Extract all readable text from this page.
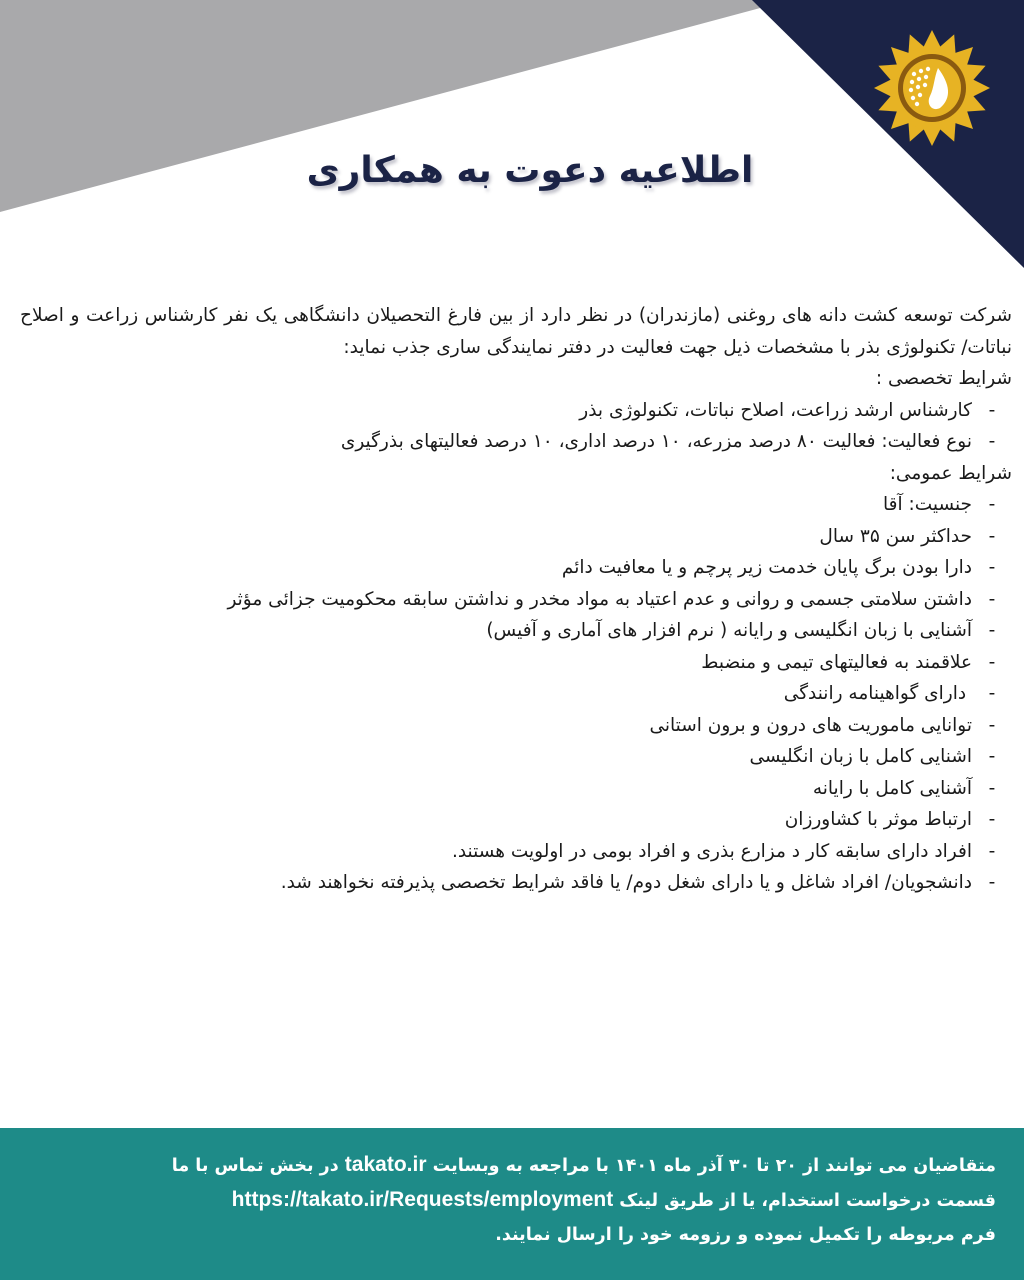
اطلاعیه دعوت به همکاری

شرکت توسعه کشت دانه های روغنی (مازندران) در نظر دارد از بین فارغ التحصیلان دانشگاهی یک نفر کارشناس زراعت و اصلاح نباتات/ تکنولوژی بذر با مشخصات ذیل جهت فعالیت در دفتر نمایندگی ساری جذب نماید:

شرایط تخصصی :

-کارشناس ارشد زراعت، اصلاح نباتات، تکنولوژی بذر
-نوع فعالیت: فعالیت ۸۰ درصد مزرعه، ۱۰ درصد اداری، ۱۰ درصد فعالیتهای بذرگیری

شرایط عمومی:

-جنسیت: آقا
-حداکثر سن ۳۵ سال
-دارا بودن برگ پایان خدمت زیر پرچم و یا معافیت دائم
-داشتن سلامتی جسمی و روانی و عدم اعتیاد به مواد مخدر و نداشتن سابقه محکومیت جزائی مؤثر
-آشنایی با زبان انگلیسی و رایانه ( نرم افزار های آماری و آفیس)
-علاقمند به فعالیتهای تیمی و منضبط
- دارای گواهینامه رانندگی
-توانایی ماموریت های درون و برون استانی
-اشنایی کامل با زبان انگلیسی
-آشنایی کامل با رایانه
-ارتباط موثر با کشاورزان
-افراد دارای سابقه کار د مزارع بذری و افراد بومی در اولویت هستند.
-دانشجویان/ افراد شاغل و یا دارای شغل دوم/ یا فاقد شرایط تخصصی پذیرفته نخواهند شد.

متقاضیان می توانند از ۲۰ تا ۳۰ آذر ماه ۱۴۰۱ با مراجعه به وبسایت takato.ir در بخش تماس با ما

قسمت درخواست استخدام، یا از طریق لینک https://takato.ir/Requests/employment

فرم مربوطه را تکمیل نموده و رزومه خود را ارسال نمایند.
